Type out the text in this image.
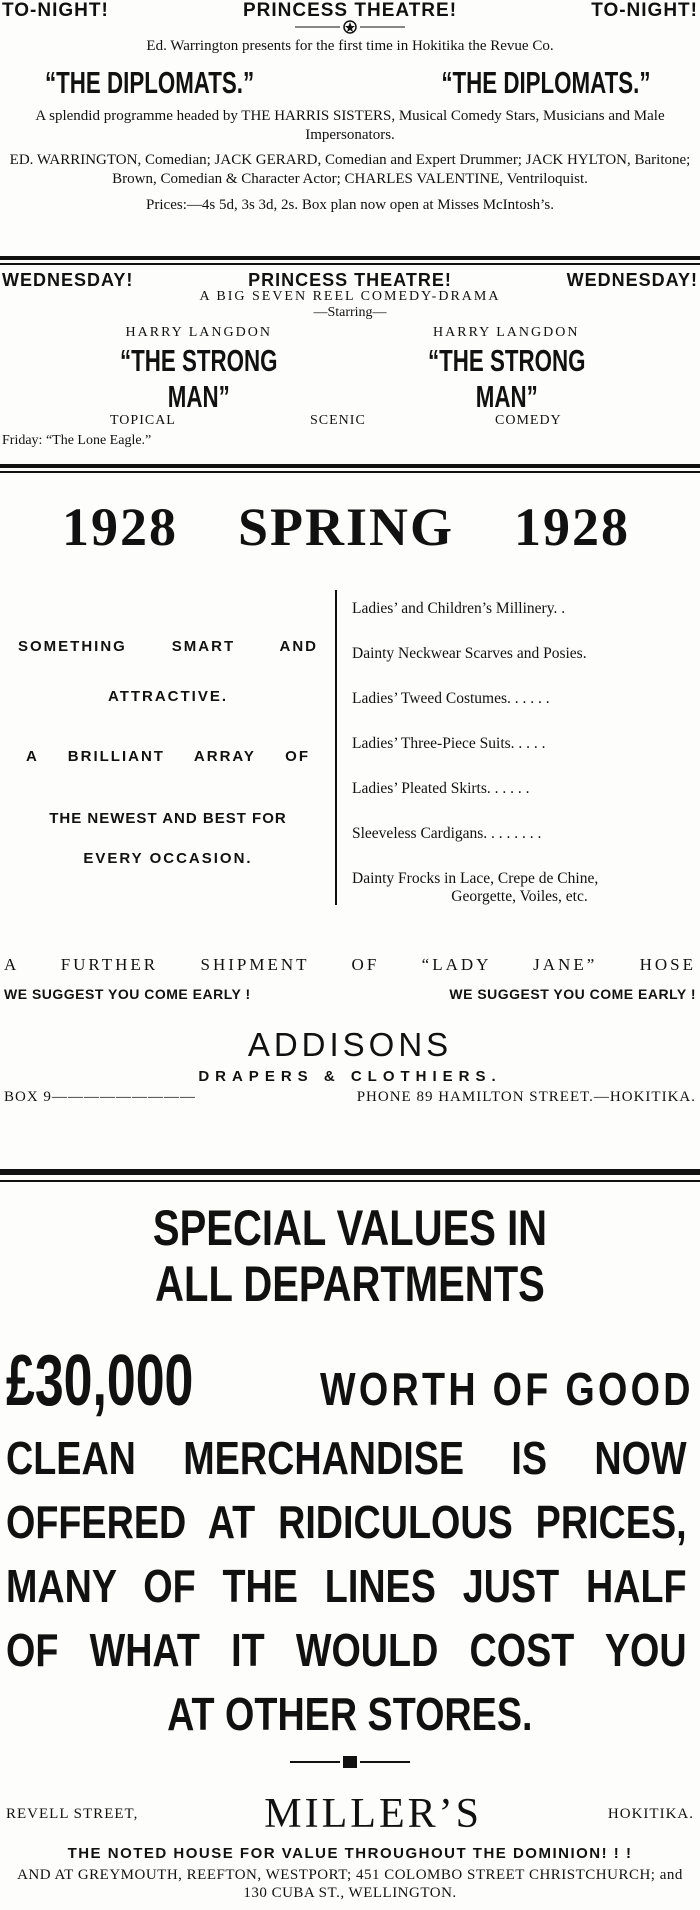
TO-NIGHT!	PRINCESS THEATRE!	TO-NIGHT!
Ed. Warrington presents for the first time in Hokitika the Revue Co.
“THE DIPLOMATS.”	“THE DIPLOMATS.”
A splendid programme headed by THE HARRIS SISTERS, Musical Comedy Stars, Musicians and Male Impersonators.
ED. WARRINGTON, Comedian; JACK GERARD, Comedian and Expert Drummer; JACK HYLTON, Baritone; Brown, Comedian & Character Actor; CHARLES VALENTINE, Ventriloquist.
Prices:—4s 5d, 3s 3d, 2s. Box plan now open at Misses McIntosh’s.
WEDNESDAY!	PRINCESS THEATRE!	WEDNESDAY!
A BIG SEVEN REEL COMEDY-DRAMA
—Starring—
HARRY LANGDON
“THE STRONG MAN”
HARRY LANGDON
“THE STRONG MAN”
TOPICAL	SCENIC	COMEDY
Friday: “The Lone Eagle.”
1928 SPRING 1928
SOMETHING SMART AND
ATTRACTIVE.
A BRILLIANT ARRAY OF
THE NEWEST AND BEST FOR
EVERY OCCASION.
Ladies’ and Children’s Millinery. .
Dainty Neckwear Scarves and Posies.
Ladies’ Tweed Costumes. . . . . .
Ladies’ Three-Piece Suits. . . . .
Ladies’ Pleated Skirts. . . . . .
Sleeveless Cardigans. . . . . . . .
Dainty Frocks in Lace, Crepe de Chine,
Georgette, Voiles, etc.
A FURTHER SHIPMENT OF “LADY JANE” HOSE
WE SUGGEST YOU COME EARLY !	WE SUGGEST YOU COME EARLY !
ADDISONS
DRAPERS & CLOTHIERS.
BOX 9—————————	PHONE 89 HAMILTON STREET.—HOKITIKA.
SPECIAL VALUES IN ALL DEPARTMENTS
£30,000	WORTH OF GOOD
CLEAN MERCHANDISE IS NOW
OFFERED AT RIDICULOUS PRICES,
MANY OF THE LINES JUST HALF
OF WHAT IT WOULD COST YOU
AT OTHER STORES.
REVELL STREET,	MILLER’S	HOKITIKA.
THE NOTED HOUSE FOR VALUE THROUGHOUT THE DOMINION! ! !
AND AT GREYMOUTH, REEFTON, WESTPORT; 451 COLOMBO STREET CHRISTCHURCH; and 130 CUBA ST., WELLINGTON.
